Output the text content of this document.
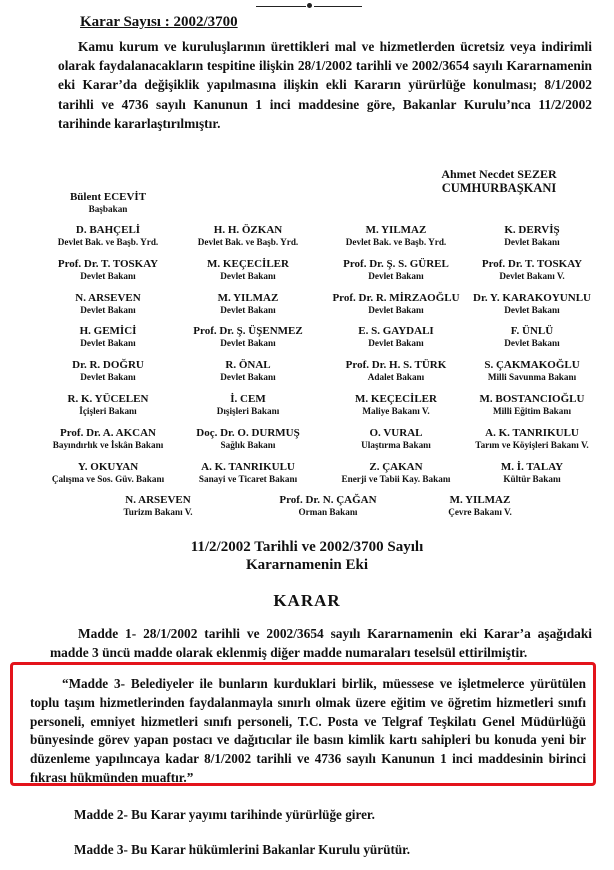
Karar Sayısı : 2002/3700

Kamu kurum ve kuruluşlarının ürettikleri mal ve hizmetlerden ücretsiz veya indirimli olarak faydalanacakların tespitine ilişkin 28/1/2002 tarihli ve 2002/3654 sayılı Kararnamenin eki Karar’da değişiklik yapılmasına ilişkin ekli Kararın yürürlüğe konulması; 8/1/2002 tarihli ve 4736 sayılı Kanunun 1 inci maddesine göre, Bakanlar Kurulu’nca 11/2/2002 tarihinde kararlaştırılmıştır.

Ahmet Necdet SEZER
CUMHURBAŞKANI
Bülent ECEVİT
Başbakan
D. BAHÇELİ
Devlet Bak. ve Başb. Yrd.
H. H. ÖZKAN
Devlet Bak. ve Başb. Yrd.
M. YILMAZ
Devlet Bak. ve Başb. Yrd.
K. DERVİŞ
Devlet Bakanı
Prof. Dr. T. TOSKAY
Devlet Bakanı
M. KEÇECİLER
Devlet Bakanı
Prof. Dr. Ş. S. GÜREL
Devlet Bakanı
Prof. Dr. T. TOSKAY
Devlet Bakanı V.
N. ARSEVEN
Devlet Bakanı
M. YILMAZ
Devlet Bakanı
Prof. Dr. R. MİRZAOĞLU
Devlet Bakanı
Dr. Y. KARAKOYUNLU
Devlet Bakanı
H. GEMİCİ
Devlet Bakanı
Prof. Dr. Ş. ÜŞENMEZ
Devlet Bakanı
E. S. GAYDALI
Devlet Bakanı
F. ÜNLÜ
Devlet Bakanı
Dr. R. DOĞRU
Devlet Bakanı
R. ÖNAL
Devlet Bakanı
Prof. Dr. H. S. TÜRK
Adalet Bakanı
S. ÇAKMAKOĞLU
Milli Savunma Bakanı
R. K. YÜCELEN
İçişleri Bakanı
İ. CEM
Dışişleri Bakanı
M. KEÇECİLER
Maliye Bakanı V.
M. BOSTANCIOĞLU
Milli Eğitim Bakanı
Prof. Dr. A. AKCAN
Bayındırlık ve İskân Bakanı
Doç. Dr. O. DURMUŞ
Sağlık Bakanı
O. VURAL
Ulaştırma Bakanı
A. K. TANRIKULU
Tarım ve Köyişleri Bakanı V.
Y. OKUYAN
Çalışma ve Sos. Güv. Bakanı
A. K. TANRIKULU
Sanayi ve Ticaret Bakanı
Z. ÇAKAN
Enerji ve Tabii Kay. Bakanı
M. İ. TALAY
Kültür Bakanı
N. ARSEVEN
Turizm Bakanı V.
Prof. Dr. N. ÇAĞAN
Orman Bakanı
M. YILMAZ
Çevre Bakanı V.
11/2/2002 Tarihli ve 2002/3700 Sayılı
Kararnamenin Eki
KARAR

Madde 1- 28/1/2002 tarihli ve 2002/3654 sayılı Kararnamenin eki Karar’a aşağıdaki madde 3 üncü madde olarak eklenmiş diğer madde numaraları teselsül ettirilmiştir.

“Madde 3- Belediyeler ile bunların kurduklari birlik, müessese ve işletmelerce yürütülen toplu taşım hizmetlerinden faydalanmayla sınırlı olmak üzere eğitim ve öğretim hizmetleri sınıfı personeli, emniyet hizmetleri sınıfı personeli, T.C. Posta ve Telgraf Teşkilatı Genel Müdürlüğü bünyesinde görev yapan postacı ve dağıtıcılar ile basın kimlik kartı sahipleri bu konuda yeni bir düzenleme yapılıncaya kadar 8/1/2002 tarihli ve 4736 sayılı Kanunun 1 inci maddesinin birinci fıkrası hükmünden muaftır.”

Madde 2- Bu Karar yayımı tarihinde yürürlüğe girer.
Madde 3- Bu Karar hükümlerini Bakanlar Kurulu yürütür.
